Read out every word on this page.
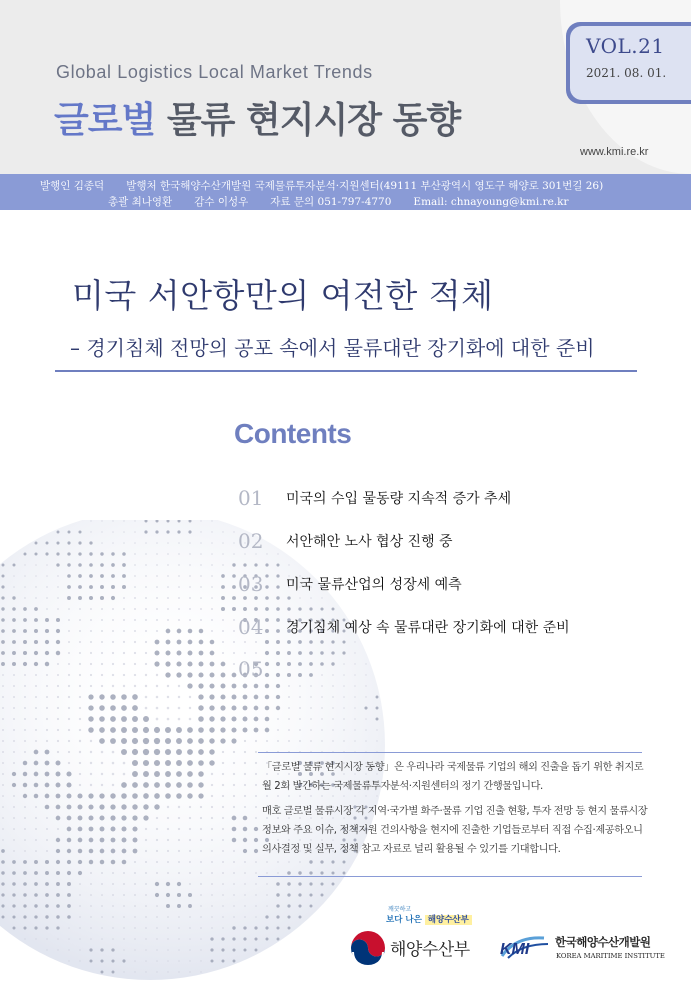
VOL.21
2021. 08. 01.
Global Logistics Local Market Trends
글로벌 물류 현지시장 동향
www.kmi.re.kr
발행인 김종덕 발행처 한국해양수산개발원 국제물류투자분석·지원센터(49111 부산광역시 영도구 해양로 301번길 26)
총괄 최나영환 감수 이성우 자료 문의 051-797-4770 Email: chnayoung@kmi.re.kr
미국 서안항만의 여전한 적체
– 경기침체 전망의 공포 속에서 물류대란 장기화에 대한 준비
Contents
01 미국의 수입 물동량 지속적 증가 추세
02 서안해안 노사 협상 진행 중
03 미국 물류산업의 성장세 예측
04 경기침체 예상 속 물류대란 장기화에 대한 준비
05
「글로벌 물류 현지시장 동향」은 우리나라 국제물류 기업의 해외 진출을 돕기 위한 취지로 월 2회 발간하는 국제물류투자분석·지원센터의 정기 간행물입니다.
매호 글로벌 물류시장 각 지역·국가별 화주·물류 기업 진출 현황, 투자 전망 등 현지 물류시장 정보와 주요 이슈, 정책지원 건의사항을 현지에 진출한 기업들로부터 직접 수집·제공하오니 의사결정 및 실무, 정책 참고 자료로 널리 활용될 수 있기를 기대합니다.
깨끗하고
보다 나은 해양수산부
해양수산부 KMI 한국해양수산개발원
KOREA MARITIME INSTITUTE
